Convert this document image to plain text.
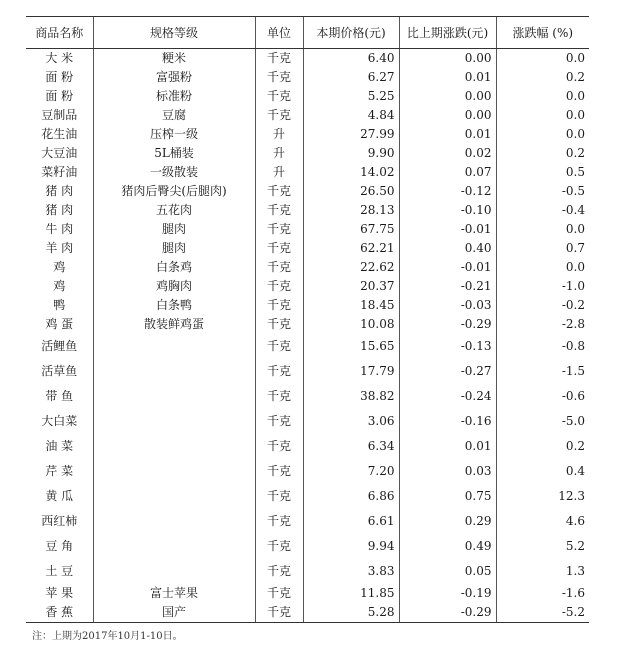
商品名称	规格等级	单位	本期价格(元)	比上期涨跌(元)	涨跌幅 (%)
大 米	粳米	千克	6.40	0.00	0.0
面 粉	富强粉	千克	6.27	0.01	0.2
面 粉	标准粉	千克	5.25	0.00	0.0
豆制品	豆腐	千克	4.84	0.00	0.0
花生油	压榨一级	升	27.99	0.01	0.0
大豆油	5L桶装	升	9.90	0.02	0.2
菜籽油	一级散装	升	14.02	0.07	0.5
猪 肉	猪肉后臀尖(后腿肉)	千克	26.50	-0.12	-0.5
猪 肉	五花肉	千克	28.13	-0.10	-0.4
牛 肉	腿肉	千克	67.75	-0.01	0.0
羊 肉	腿肉	千克	62.21	0.40	0.7
鸡	白条鸡	千克	22.62	-0.01	0.0
鸡	鸡胸肉	千克	20.37	-0.21	-1.0
鸭	白条鸭	千克	18.45	-0.03	-0.2
鸡 蛋	散装鲜鸡蛋	千克	10.08	-0.29	-2.8
活鲤鱼		千克	15.65	-0.13	-0.8
活草鱼		千克	17.79	-0.27	-1.5
带 鱼		千克	38.82	-0.24	-0.6
大白菜		千克	3.06	-0.16	-5.0
油 菜		千克	6.34	0.01	0.2
芹 菜		千克	7.20	0.03	0.4
黄 瓜		千克	6.86	0.75	12.3
西红柿		千克	6.61	0.29	4.6
豆 角		千克	9.94	0.49	5.2
土 豆		千克	3.83	0.05	1.3
苹 果	富士苹果	千克	11.85	-0.19	-1.6
香 蕉	国产	千克	5.28	-0.29	-5.2
注：上期为2017年10月1-10日。
